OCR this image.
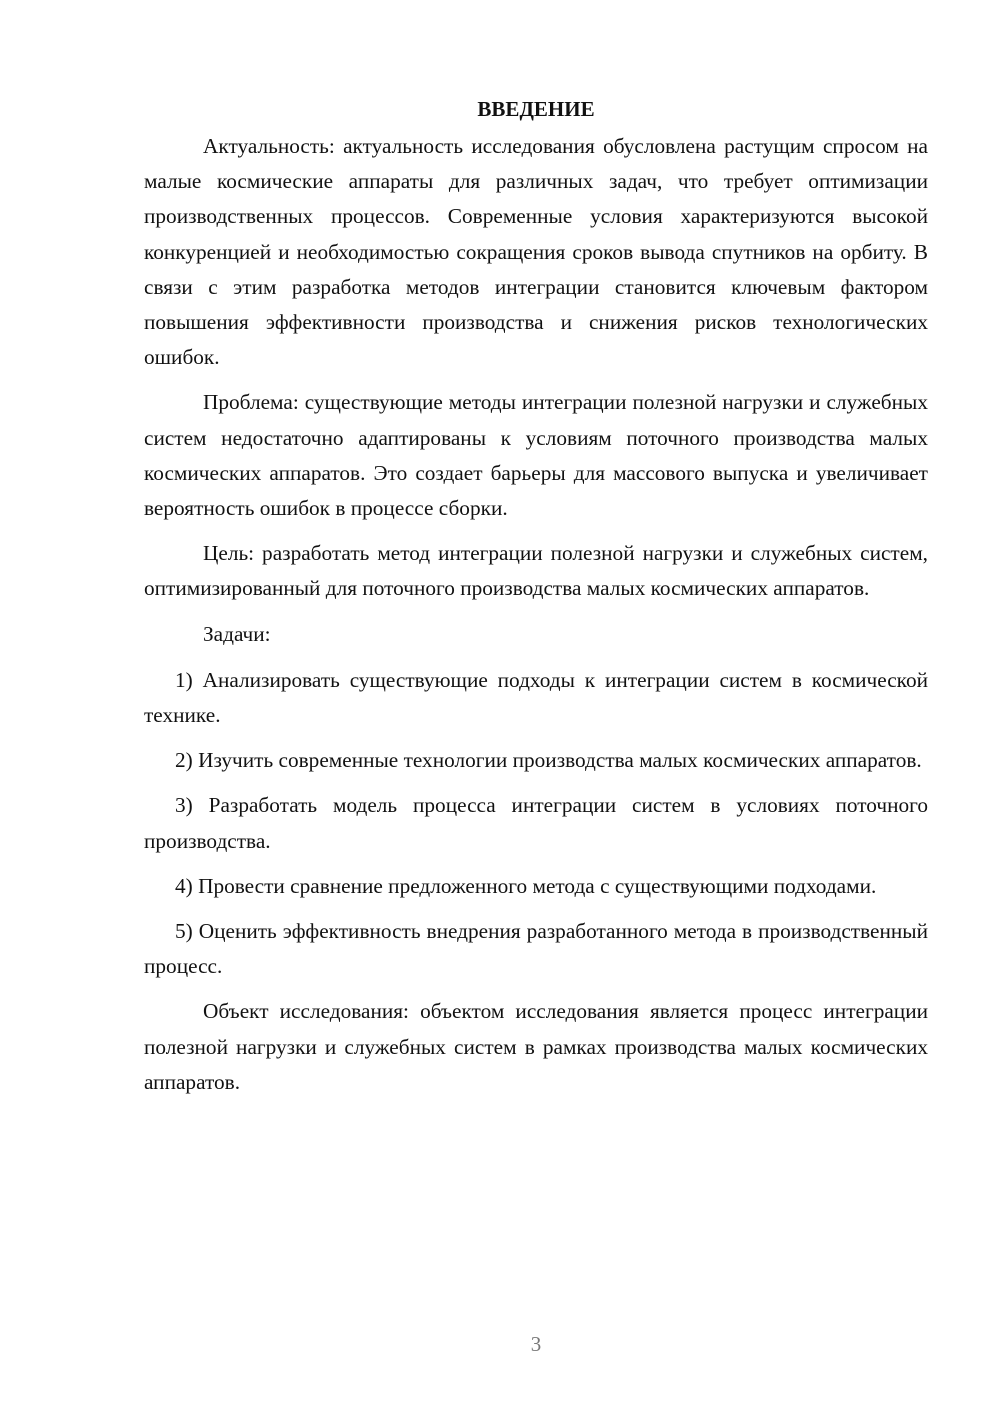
ВВЕДЕНИЕ

Актуальность: актуальность исследования обусловлена растущим спросом на малые космические аппараты для различных задач, что требует оптимизации производственных процессов. Современные условия характеризуются высокой конкуренцией и необходимостью сокращения сроков вывода спутников на орбиту. В связи с этим разработка методов интеграции становится ключевым фактором повышения эффективности производства и снижения рисков технологических ошибок.

Проблема: существующие методы интеграции полезной нагрузки и служебных систем недостаточно адаптированы к условиям поточного производства малых космических аппаратов. Это создает барьеры для массового выпуска и увеличивает вероятность ошибок в процессе сборки.

Цель: разработать метод интеграции полезной нагрузки и служебных систем, оптимизированный для поточного производства малых космических аппаратов.

Задачи:

1) Анализировать существующие подходы к интеграции систем в космической технике.

2) Изучить современные технологии производства малых космических аппаратов.

3) Разработать модель процесса интеграции систем в условиях поточного производства.

4) Провести сравнение предложенного метода с существующими подходами.

5) Оценить эффективность внедрения разработанного метода в производственный процесс.

Объект исследования: объектом исследования является процесс интеграции полезной нагрузки и служебных систем в рамках производства малых космических аппаратов.

3
